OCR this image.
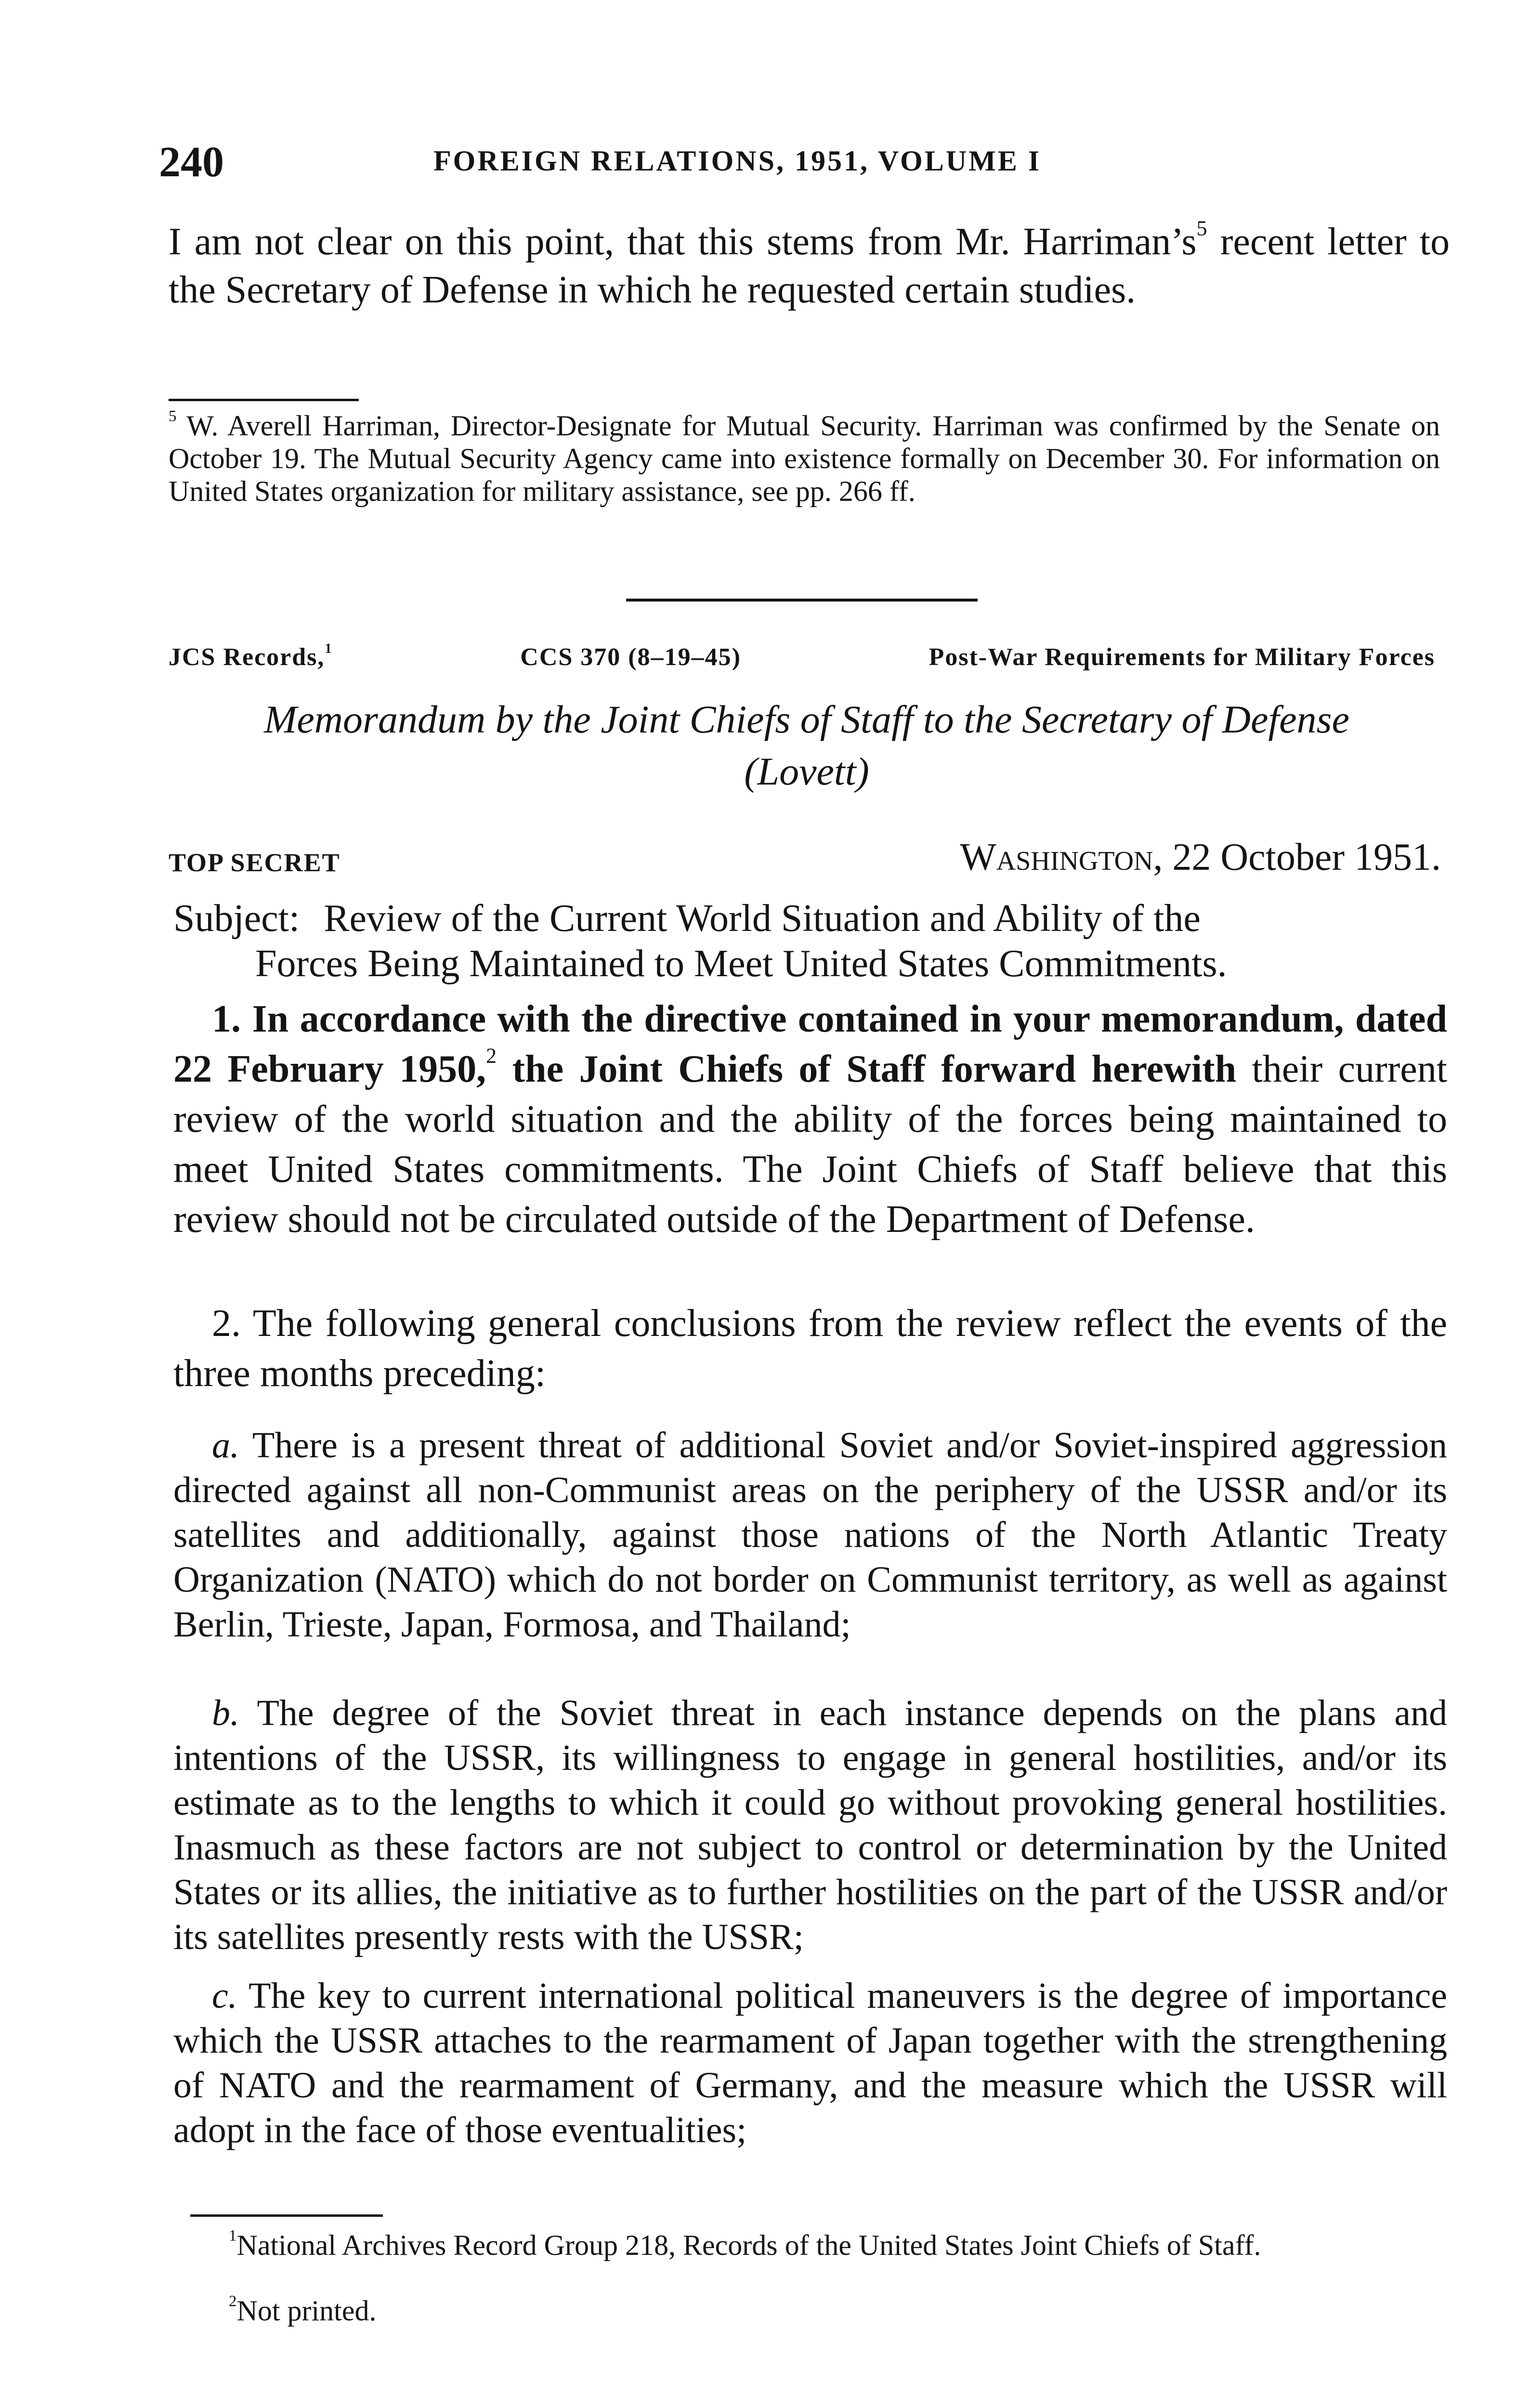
240	FOREIGN RELATIONS, 1951, VOLUME I

I am not clear on this point, that this stems from Mr. $Harriman’s^5$ recent letter to the Secretary of Defense in which he requested certain studies.

$^5$ W. Averell Harriman, Director-Designate for Mutual Security. Harriman was confirmed by the Senate on October 19. The Mutual Security Agency came into existence formally on December 30. For information on United States organization for military assistance, see pp. 266 ff.

JCS Records,$^1$	CCS 370 (8–19–45)	Post-War Requirements for Military Forces
Memorandum by the Joint Chiefs of Staff to the Secretary of Defense
(Lovett)
TOP SECRET	Washington, 22 October 1951.
Subject: Review of the Current World Situation and Ability of the
Forces Being Maintained to Meet United States Commitments.

1. In accordance with the directive contained in your memorandum, dated 22 February 1950,$^2$ the Joint Chiefs of Staff forward herewith their current review of the world situation and the ability of the forces being maintained to meet United States commitments. The Joint Chiefs of Staff believe that this review should not be circulated outside of the Department of Defense.

2. The following general conclusions from the review reflect the events of the three months preceding:

a. There is a present threat of additional Soviet and/or Soviet-inspired aggression directed against all non-Communist areas on the periphery of the USSR and/or its satellites and additionally, against those nations of the North Atlantic Treaty Organization (NATO) which do not border on Communist territory, as well as against Berlin, Trieste, Japan, Formosa, and Thailand;

b. The degree of the Soviet threat in each instance depends on the plans and intentions of the USSR, its willingness to engage in general hostilities, and/or its estimate as to the lengths to which it could go without provoking general hostilities. Inasmuch as these factors are not subject to control or determination by the United States or its allies, the initiative as to further hostilities on the part of the USSR and/or its satellites presently rests with the USSR;

c. The key to current international political maneuvers is the degree of importance which the USSR attaches to the rearmament of Japan together with the strengthening of NATO and the rearmament of Germany, and the measure which the USSR will adopt in the face of those eventualities;

$^1$National Archives Record Group 218, Records of the United States Joint Chiefs of Staff.

$^2$Not printed.
